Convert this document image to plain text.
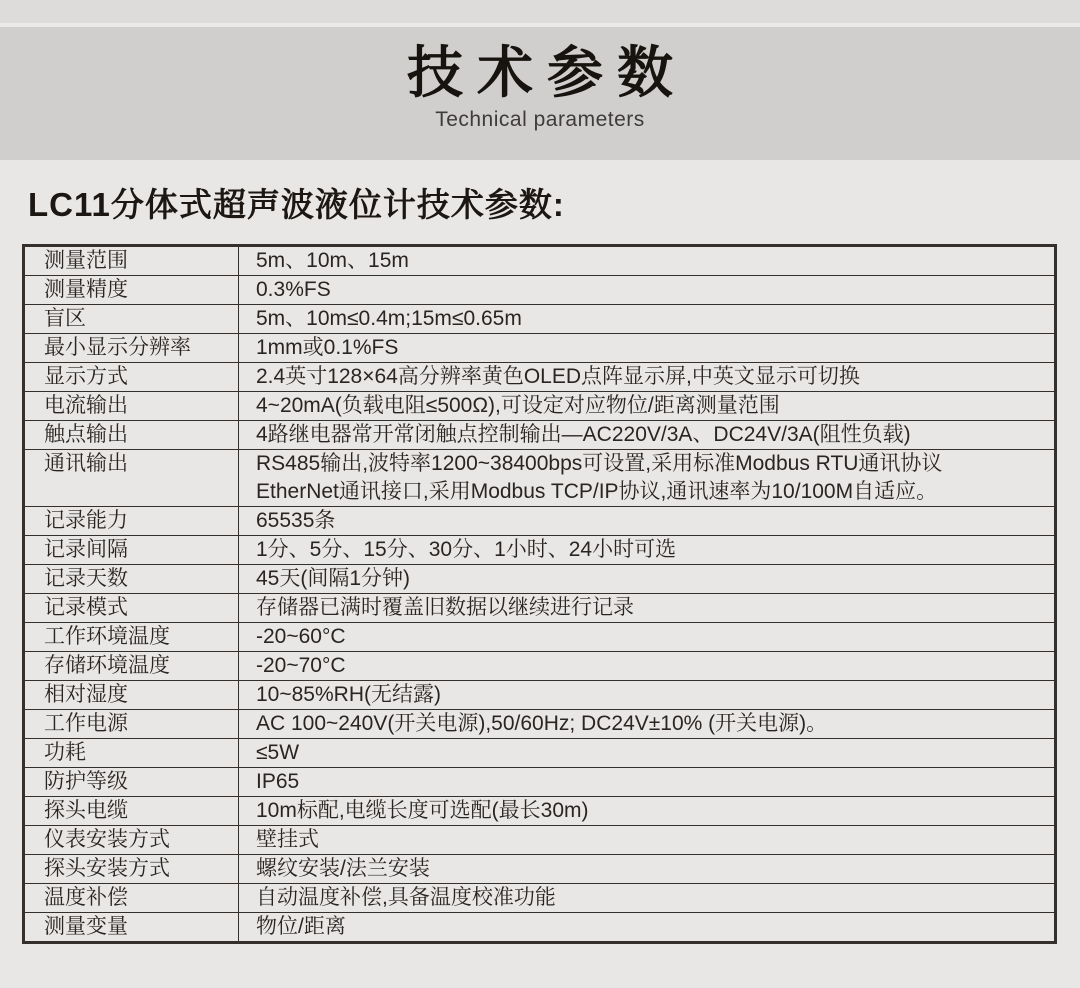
技术参数
Technical parameters
LC11分体式超声波液位计技术参数:
测量范围	5m、10m、15m

测量精度	0.3%FS

盲区	5m、10m≤0.4m;15m≤0.65m

最小显示分辨率	1mm或0.1%FS

显示方式	2.4英寸128×64高分辨率黄色OLED点阵显示屏,中英文显示可切换

电流输出	4~20mA(负载电阻≤500Ω),可设定对应物位/距离测量范围

触点输出	4路继电器常开常闭触点控制输出—AC220V/3A、DC24V/3A(阻性负载)

通讯输出	RS485输出,波特率1200~38400bps可设置,采用标准Modbus RTU通讯协议
EtherNet通讯接口,采用Modbus TCP/IP协议,通讯速率为10/100M自适应。

记录能力	65535条

记录间隔	1分、5分、15分、30分、1小时、24小时可选

记录天数	45天(间隔1分钟)

记录模式	存储器已满时覆盖旧数据以继续进行记录

工作环境温度	-20~60°C

存储环境温度	-20~70°C

相对湿度	10~85%RH(无结露)

工作电源	AC 100~240V(开关电源),50/60Hz; DC24V±10% (开关电源)。

功耗	≤5W

防护等级	IP65

探头电缆	10m标配,电缆长度可选配(最长30m)

仪表安装方式	壁挂式

探头安装方式	螺纹安装/法兰安装

温度补偿	自动温度补偿,具备温度校准功能

测量变量	物位/距离
